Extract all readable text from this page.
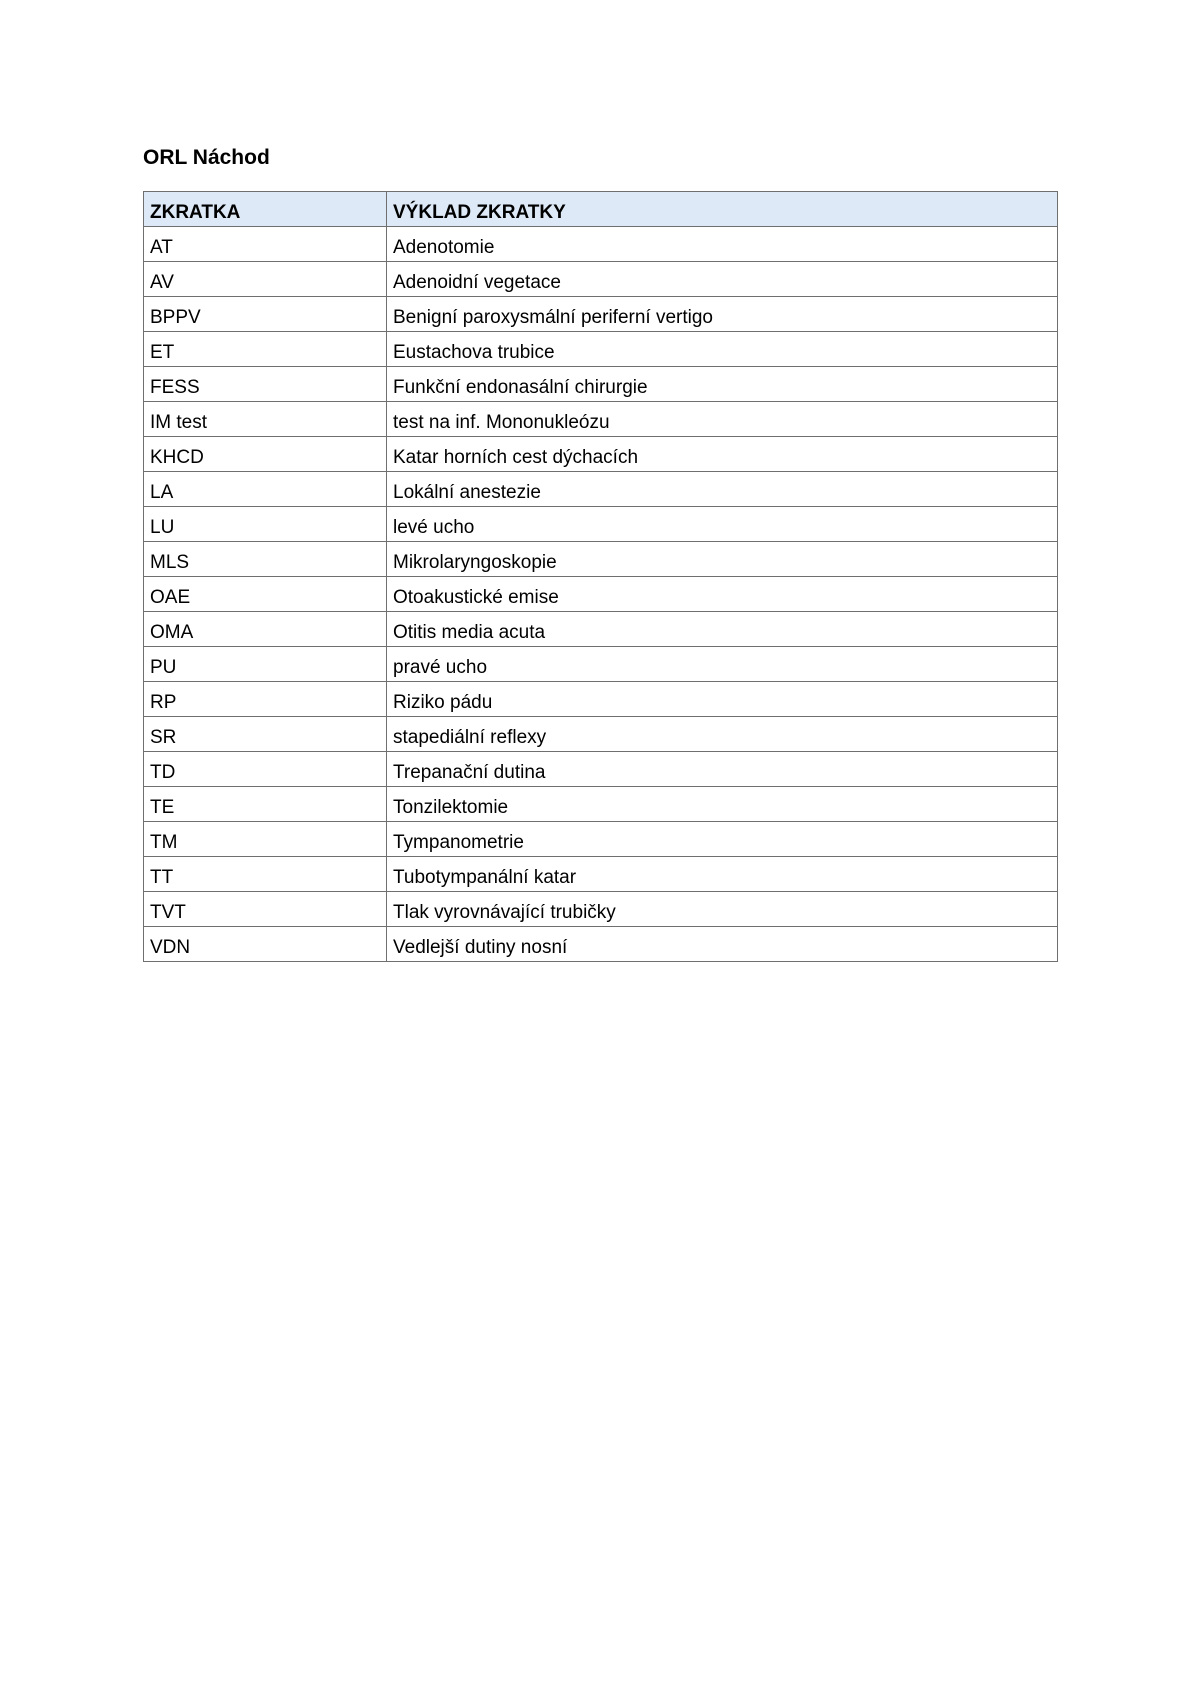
ORL Náchod
ZKRATKA	VÝKLAD ZKRATKY
AT	Adenotomie
AV	Adenoidní vegetace
BPPV	Benigní paroxysmální periferní vertigo
ET	Eustachova trubice
FESS	Funkční endonasální chirurgie
IM test	test na inf. Mononukleózu
KHCD	Katar horních cest dýchacích
LA	Lokální anestezie
LU	levé ucho
MLS	Mikrolaryngoskopie
OAE	Otoakustické emise
OMA	Otitis media acuta
PU	pravé ucho
RP	Riziko pádu
SR	stapediální reflexy
TD	Trepanační dutina
TE	Tonzilektomie
TM	Tympanometrie
TT	Tubotympanální katar
TVT	Tlak vyrovnávající trubičky
VDN	Vedlejší dutiny nosní
